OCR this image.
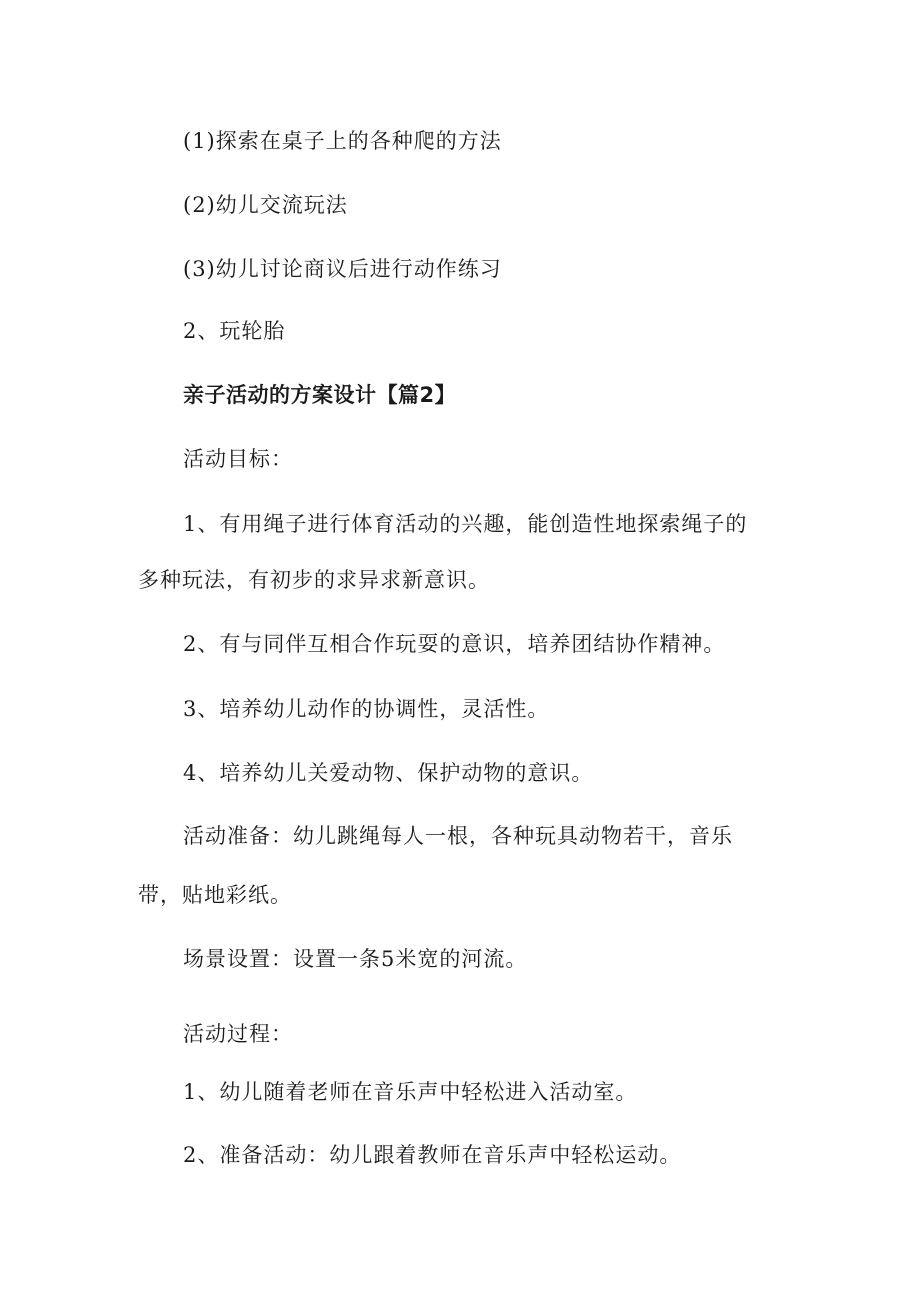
(1)探索在桌子上的各种爬的方法
(2)幼儿交流玩法
(3)幼儿讨论商议后进行动作练习
2、玩轮胎
亲子活动的方案设计【篇2】
活动目标：
1、有用绳子进行体育活动的兴趣，能创造性地探索绳子的
多种玩法，有初步的求异求新意识。
2、有与同伴互相合作玩耍的意识，培养团结协作精神。
3、培养幼儿动作的协调性，灵活性。
4、培养幼儿关爱动物、保护动物的意识。
活动准备：幼儿跳绳每人一根，各种玩具动物若干，音乐
带，贴地彩纸。
场景设置：设置一条5米宽的河流。
活动过程：
1、幼儿随着老师在音乐声中轻松进入活动室。
2、准备活动：幼儿跟着教师在音乐声中轻松运动。
